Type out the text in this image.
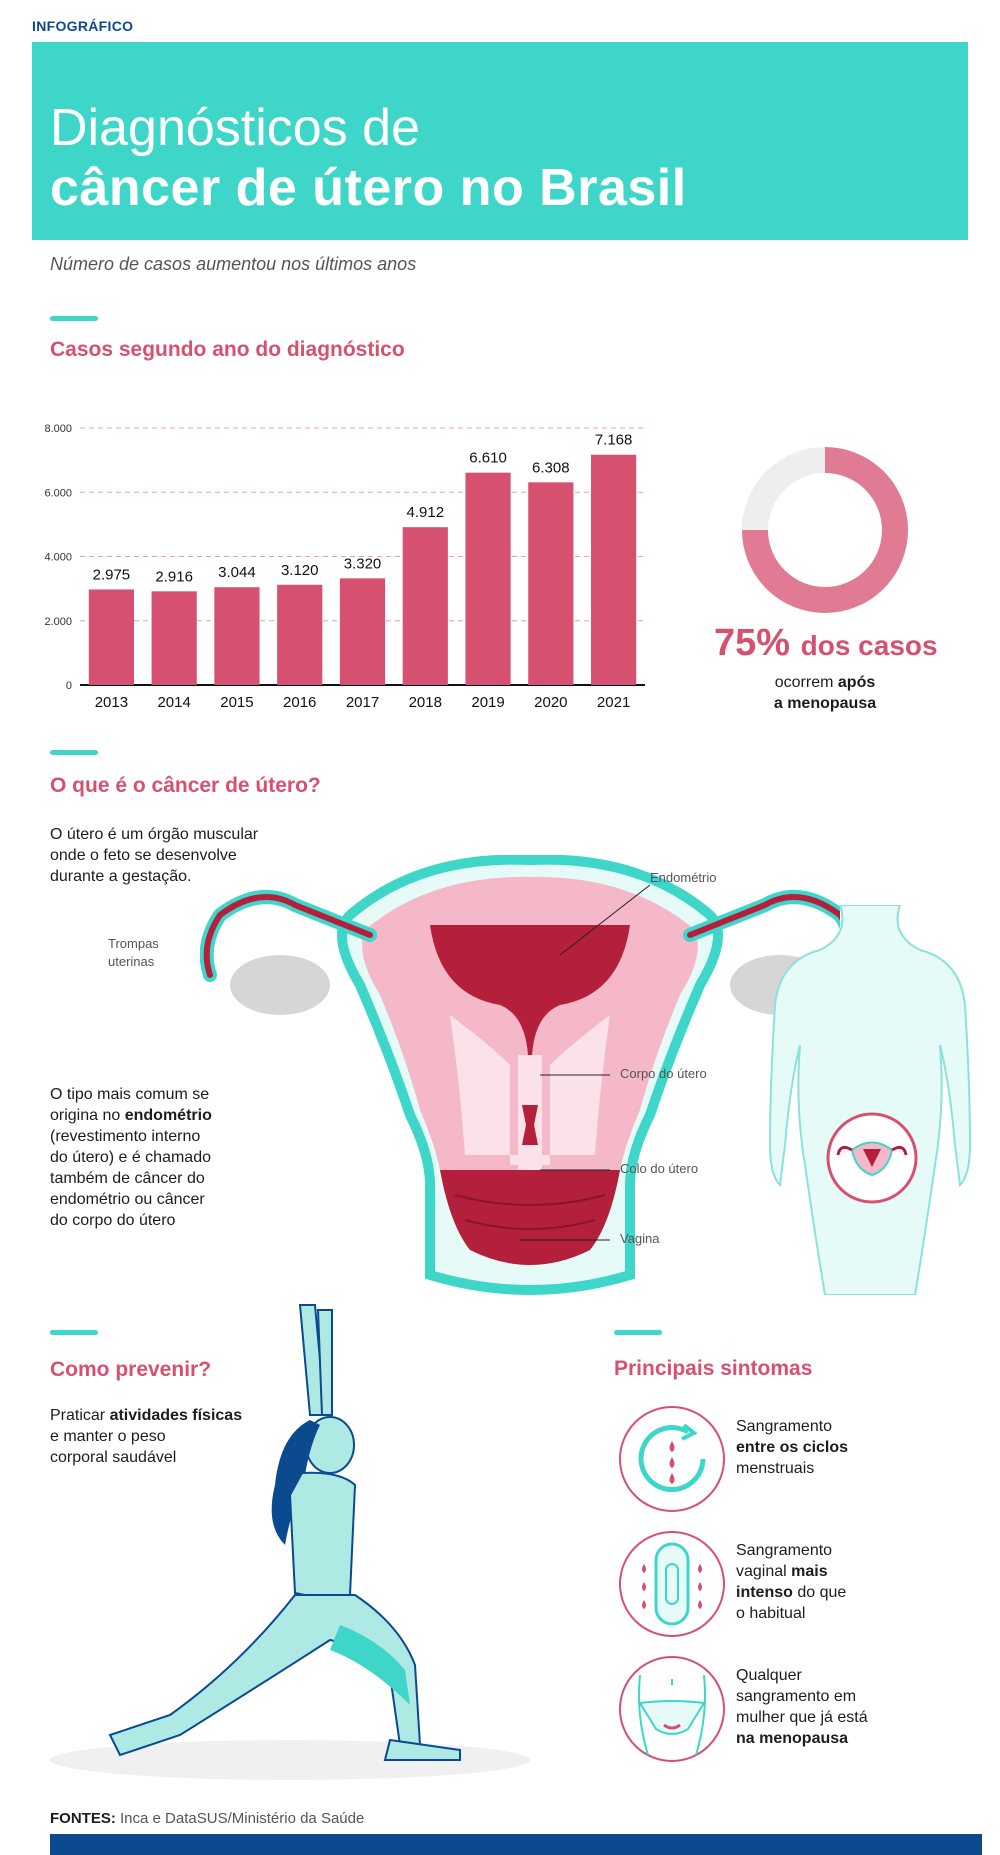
INFOGRÁFICO
Diagnósticos de
câncer de útero no Brasil
Número de casos aumentou nos últimos anos
Casos segundo ano do diagnóstico
0
2.000
4.000
6.000
8.000
2.975 2.916 3.044 3.120 3.320
4.912
6.610
6.308
7.168
2013 2014 2015 2016 2017 2018 2019 2020 2021
75% dos casos
ocorrem após
a menopausa
O que é o câncer de útero?
O útero é um órgão muscular
onde o feto se desenvolve
durante a gestação.	Endométrio
Trompas
uterinas
Corpo do útero
Colo do útero
Vagina
O tipo mais comum se
origina no endométrio
(revestimento interno
do útero) e é chamado
também de câncer do
endométrio ou câncer
do corpo do útero
Como prevenir?
Praticar atividades físicas
e manter o peso
corporal saudável
Principais sintomas
Sangramento
entre os ciclos
menstruais
Sangramento
vaginal mais
intenso do que
o habitual
Qualquer
sangramento em
mulher que já está
na menopausa
FONTES: Inca e DataSUS/Ministério da Saúde
